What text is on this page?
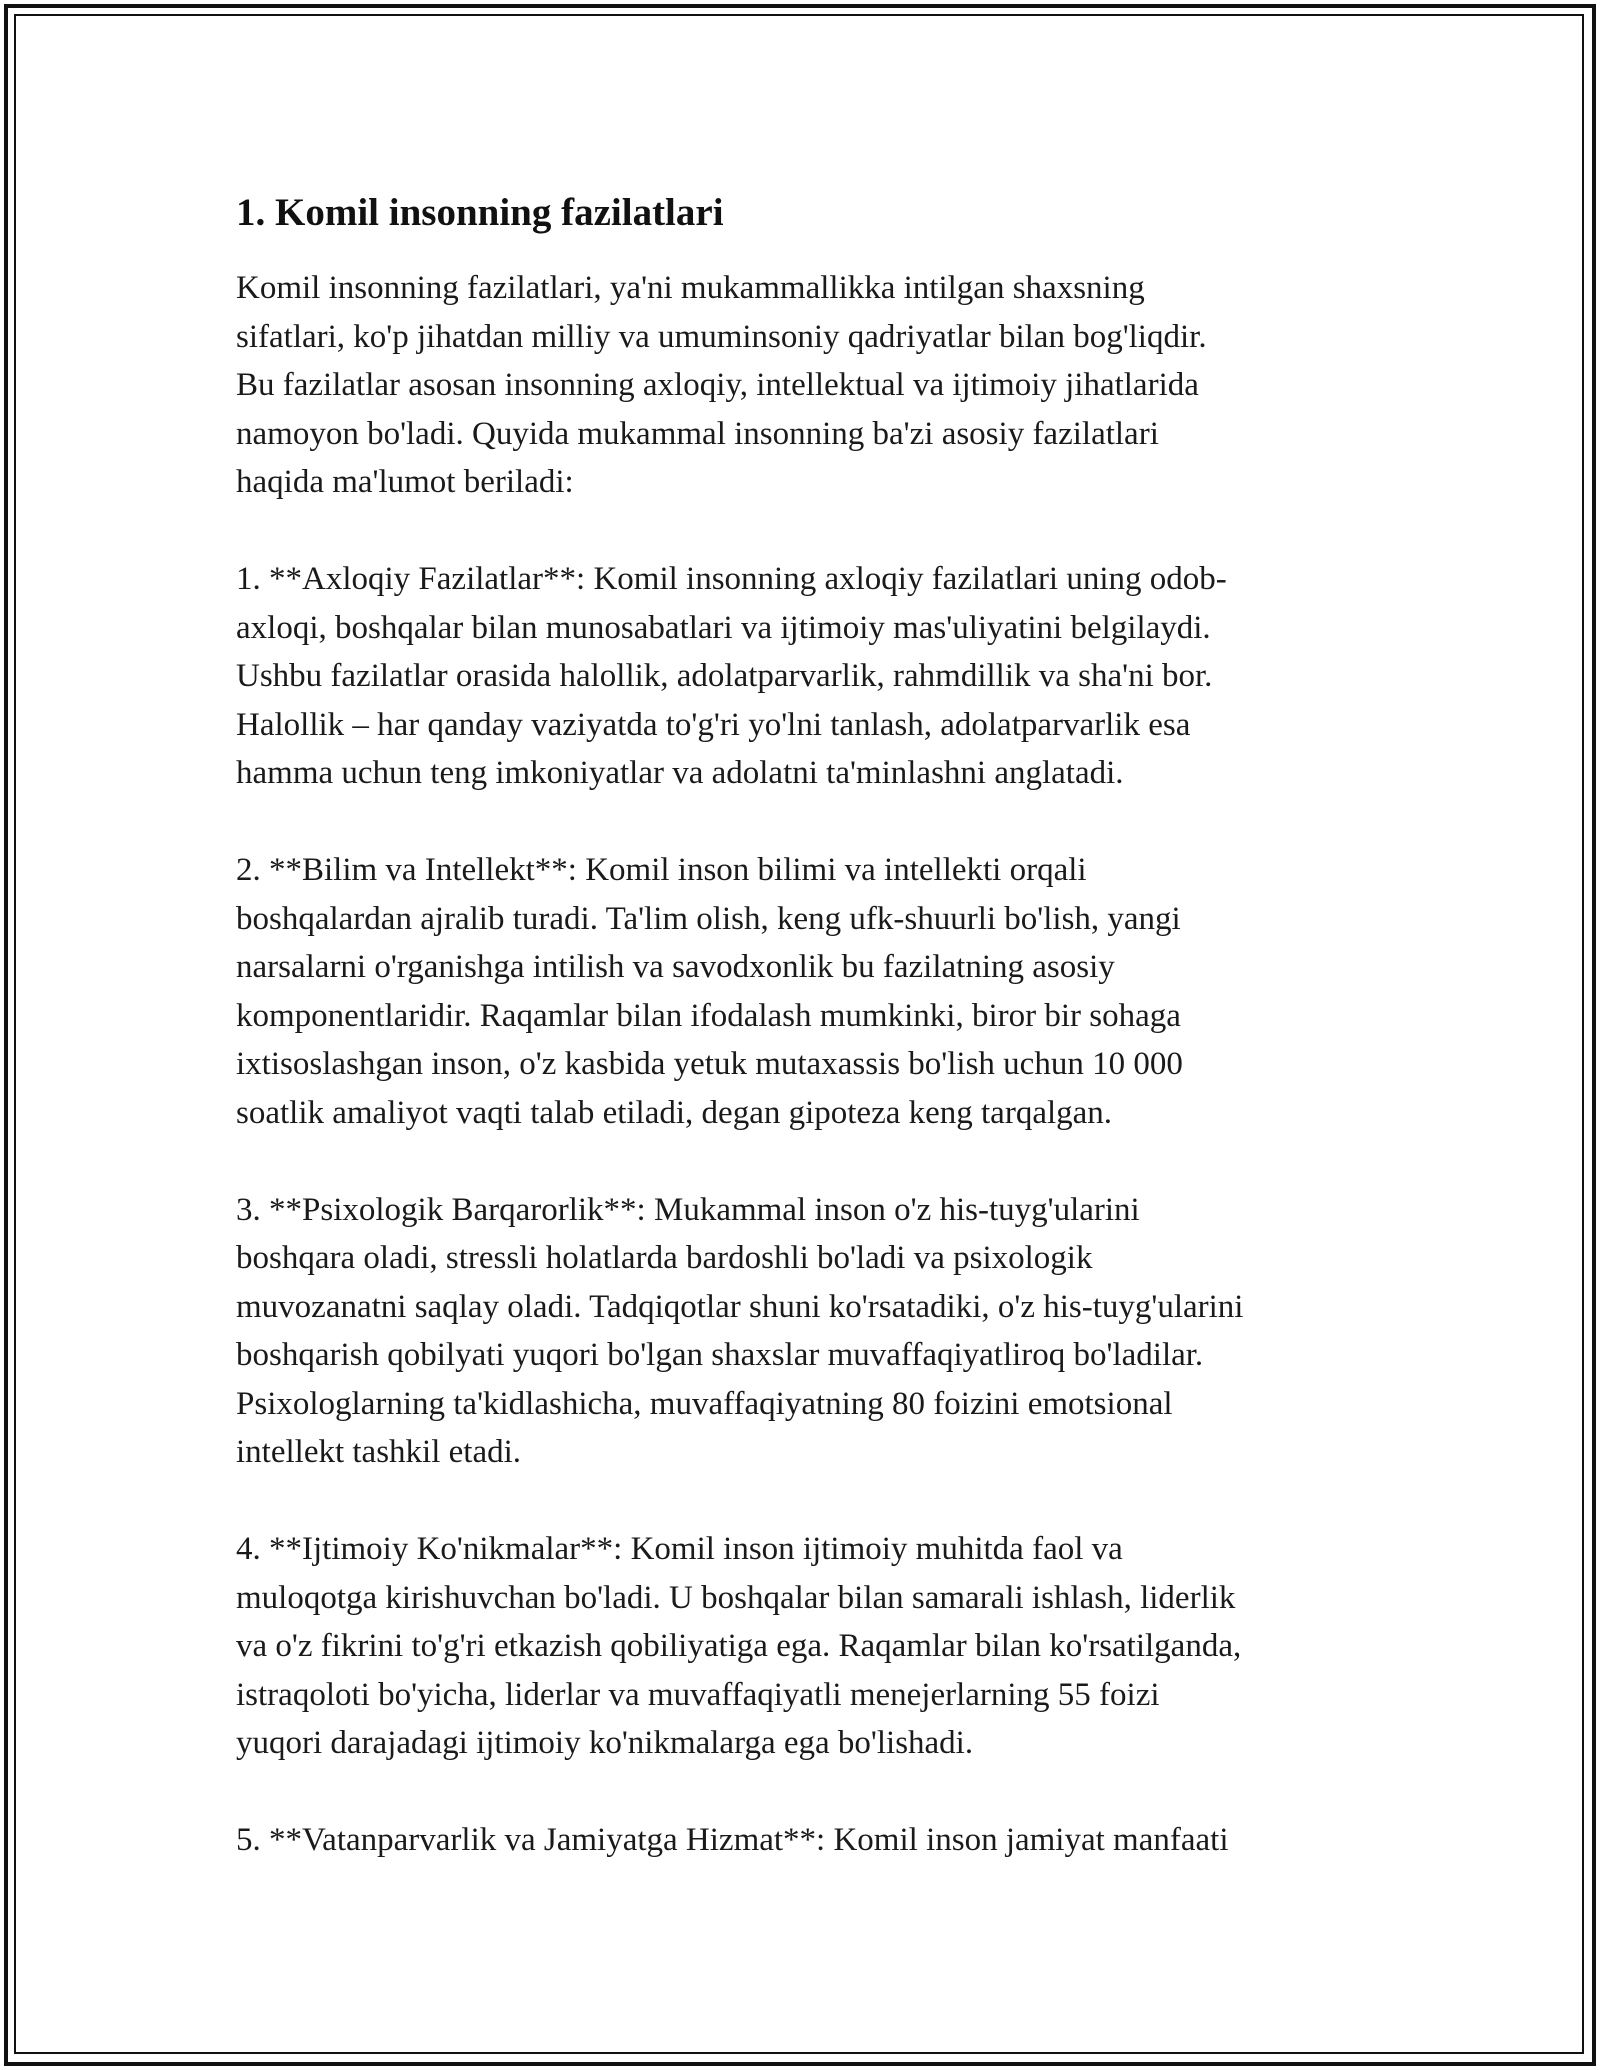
1. Komil insonning fazilatlari

Komil insonning fazilatlari, ya'ni mukammallikka intilgan shaxsning
sifatlari, ko'p jihatdan milliy va umuminsoniy qadriyatlar bilan bog'liqdir.
Bu fazilatlar asosan insonning axloqiy, intellektual va ijtimoiy jihatlarida
namoyon bo'ladi. Quyida mukammal insonning ba'zi asosiy fazilatlari
haqida ma'lumot beriladi:

1. **Axloqiy Fazilatlar**: Komil insonning axloqiy fazilatlari uning odob-
axloqi, boshqalar bilan munosabatlari va ijtimoiy mas'uliyatini belgilaydi.
Ushbu fazilatlar orasida halollik, adolatparvarlik, rahmdillik va sha'ni bor.
Halollik – har qanday vaziyatda to'g'ri yo'lni tanlash, adolatparvarlik esa
hamma uchun teng imkoniyatlar va adolatni ta'minlashni anglatadi.

2. **Bilim va Intellekt**: Komil inson bilimi va intellekti orqali
boshqalardan ajralib turadi. Ta'lim olish, keng ufk-shuurli bo'lish, yangi
narsalarni o'rganishga intilish va savodxonlik bu fazilatning asosiy
komponentlaridir. Raqamlar bilan ifodalash mumkinki, biror bir sohaga
ixtisoslashgan inson, o'z kasbida yetuk mutaxassis bo'lish uchun 10 000
soatlik amaliyot vaqti talab etiladi, degan gipoteza keng tarqalgan.

3. **Psixologik Barqarorlik**: Mukammal inson o'z his-tuyg'ularini
boshqara oladi, stressli holatlarda bardoshli bo'ladi va psixologik
muvozanatni saqlay oladi. Tadqiqotlar shuni ko'rsatadiki, o'z his-tuyg'ularini
boshqarish qobilyati yuqori bo'lgan shaxslar muvaffaqiyatliroq bo'ladilar.
Psixologlarning ta'kidlashicha, muvaffaqiyatning 80 foizini emotsional
intellekt tashkil etadi.

4. **Ijtimoiy Ko'nikmalar**: Komil inson ijtimoiy muhitda faol va
muloqotga kirishuvchan bo'ladi. U boshqalar bilan samarali ishlash, liderlik
va o'z fikrini to'g'ri etkazish qobiliyatiga ega. Raqamlar bilan ko'rsatilganda,
istraqoloti bo'yicha, liderlar va muvaffaqiyatli menejerlarning 55 foizi
yuqori darajadagi ijtimoiy ko'nikmalarga ega bo'lishadi.

5. **Vatanparvarlik va Jamiyatga Hizmat**: Komil inson jamiyat manfaati
